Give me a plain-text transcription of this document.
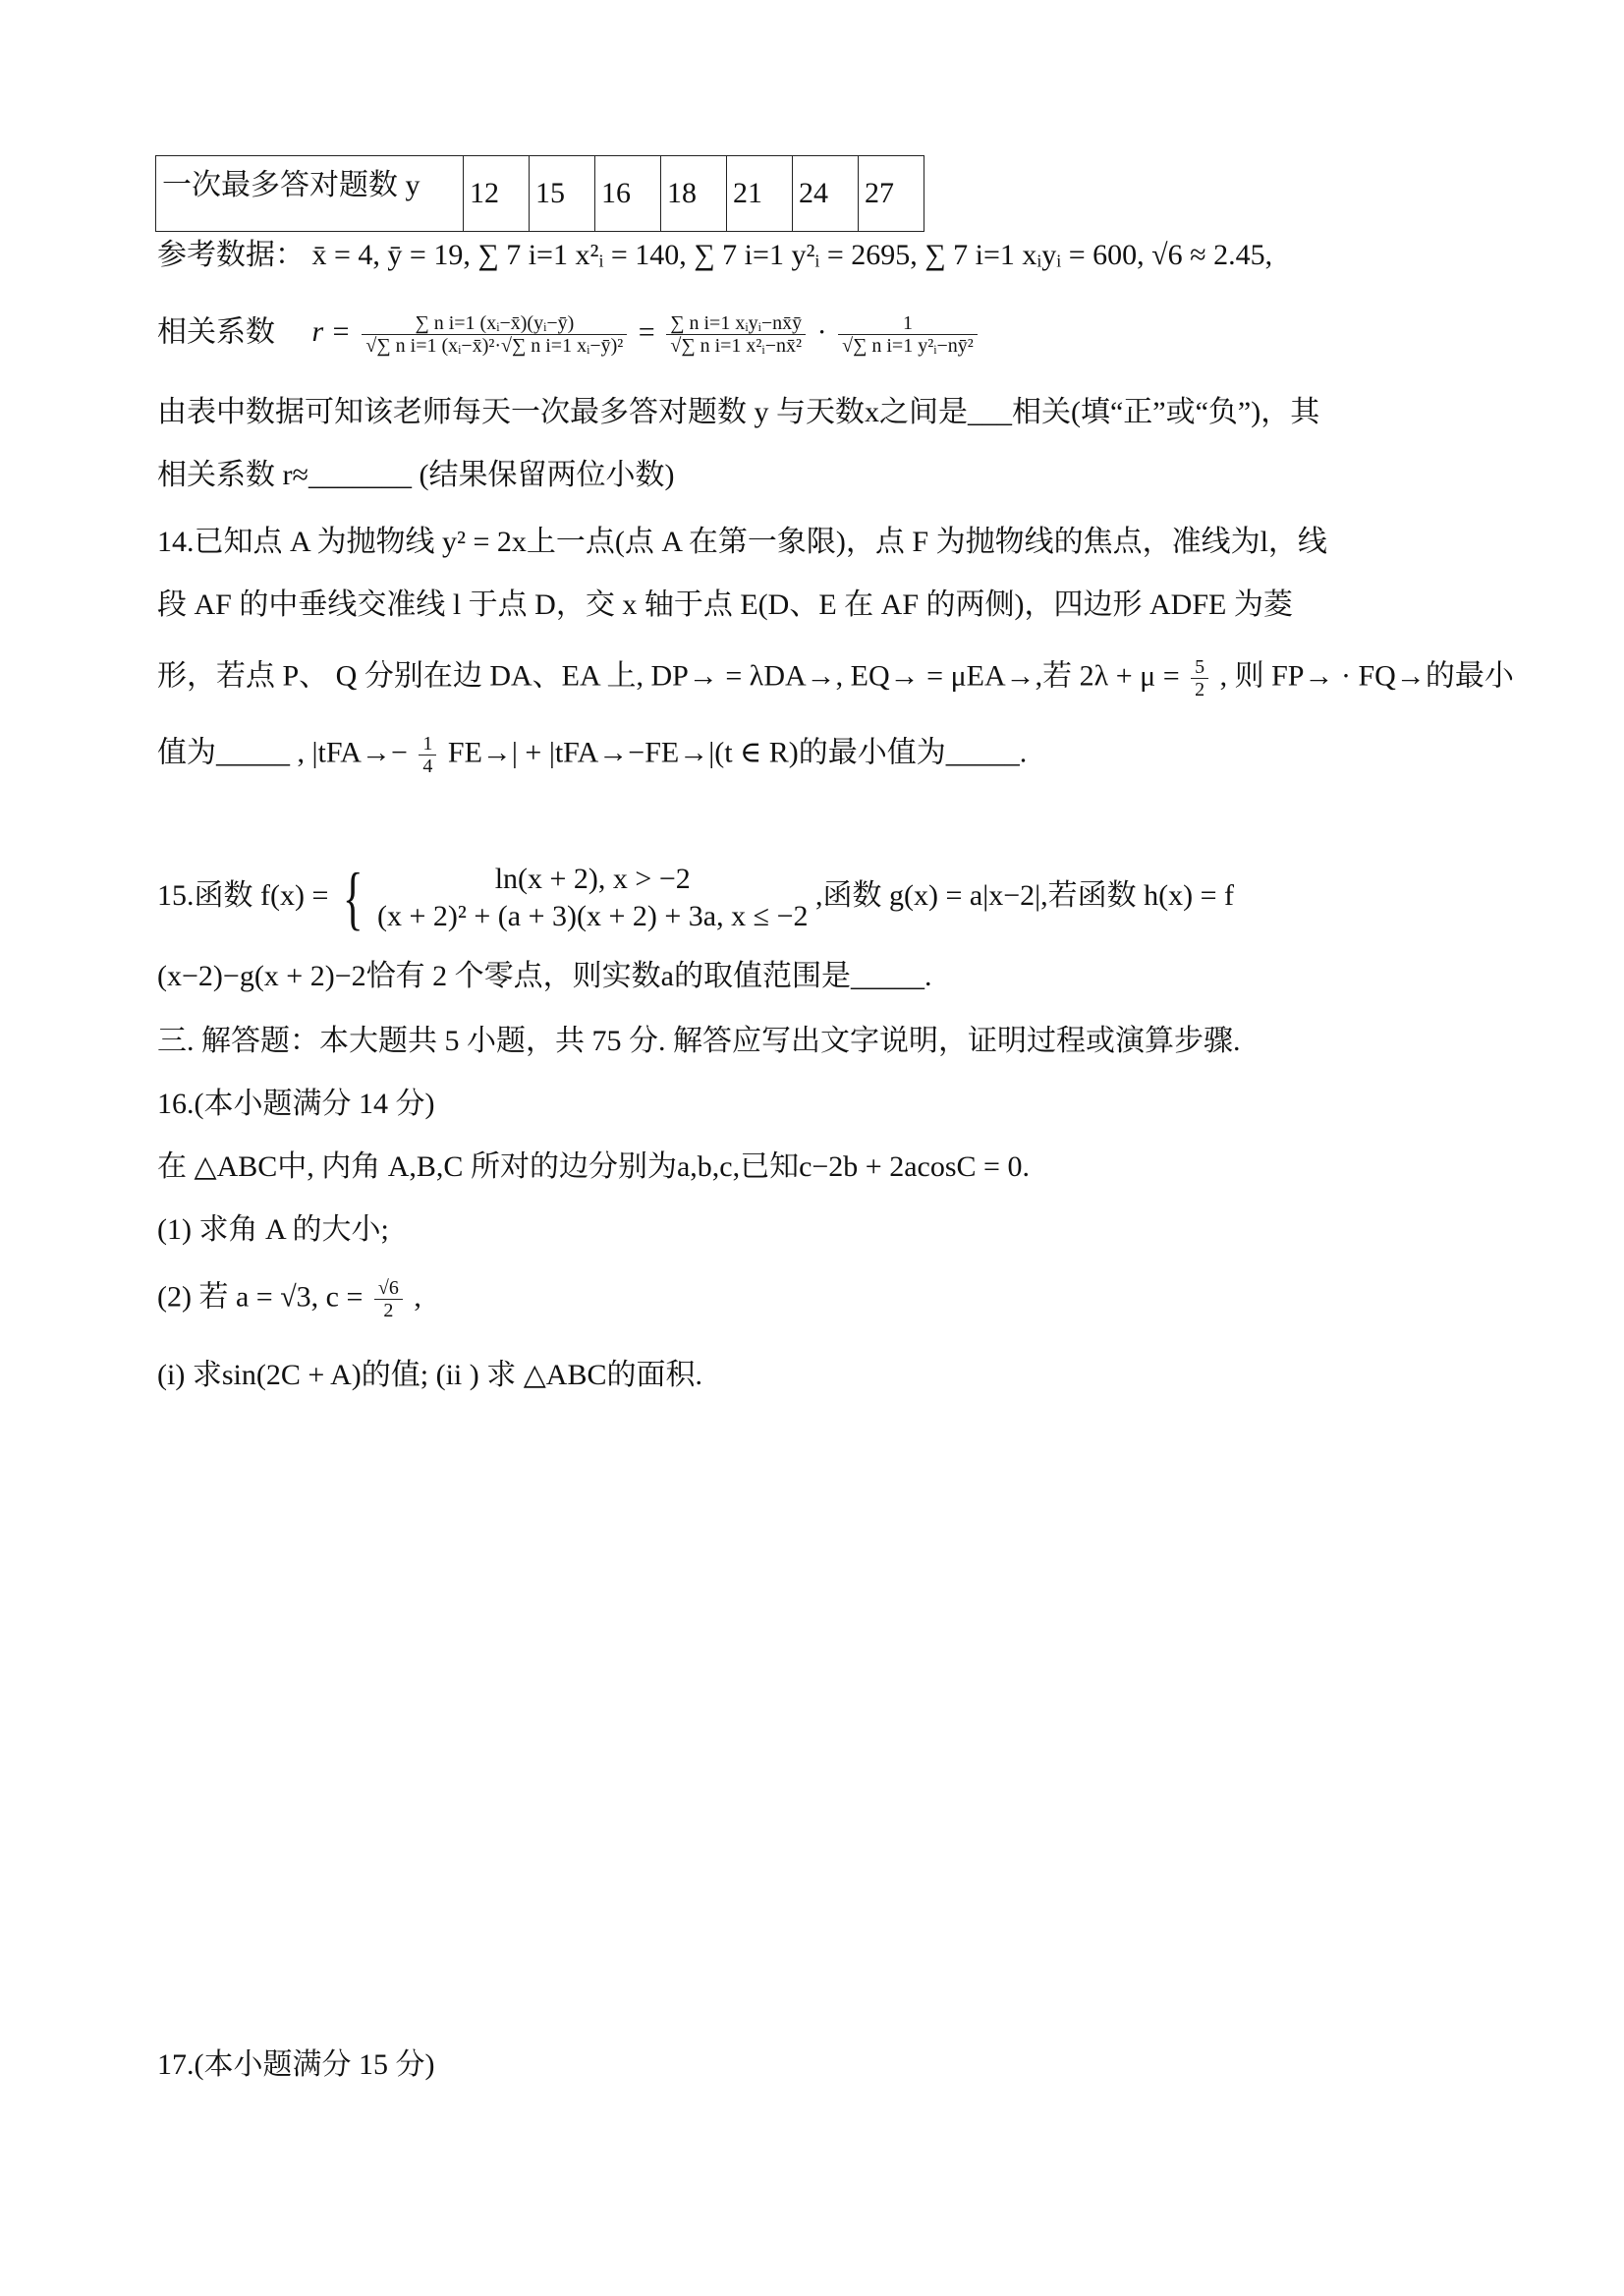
一次最多答对题数 y	12	15	16	18	21	24	27
参考数据： x̄ = 4, ȳ = 19, ∑ 7 i=1 x²ᵢ = 140, ∑ 7 i=1 y²ᵢ = 2695, ∑ 7 i=1 xᵢyᵢ = 600, √6 ≈ 2.45,
相关系数 $r = \frac{\text{∑ n i=1 (xᵢ−x̄)(yᵢ−ȳ)}}{\text{√∑ n i=1 (xᵢ−x̄)²·√∑ n i=1 xᵢ−ȳ)²}} = \frac{\text{∑ n i=1 xᵢyᵢ−nx̄ȳ}}{\text{√∑ n i=1 x²ᵢ−nx̄²}} \cdot \frac{1}{\text{√∑ n i=1 y²ᵢ−nȳ²}}$
由表中数据可知该老师每天一次最多答对题数 y 与天数x之间是___相关(填“正”或“负”)，其
相关系数 r≈_______ (结果保留两位小数)
14.已知点 A 为抛物线 y² = 2x上一点(点 A 在第一象限)，点 F 为抛物线的焦点，准线为l，线
段 AF 的中垂线交准线 l 于点 D，交 x 轴于点 E(D、E 在 AF 的两侧)，四边形 ADFE 为菱
形，若点 P、 Q 分别在边 DA、EA 上, DP→ = λDA→, EQ→ = μEA→,若 $2\lambda + \mu = \frac{5}{2}$ , 则 FP→ · FQ→的最小
值为_____ , $|tFA\to- \frac{1}{4} FE\to| + |tFA\to-FE\to|(t$ ∈ R)的最小值为_____.
15.函数 f(x) = {	ln(x + 2), x > −2
(x + 2)² + (a + 3)(x + 2) + 3a, x ≤ −2
,函数 g(x) = a|x−2|,若函数 h(x) = f
(x−2)−g(x + 2)−2恰有 2 个零点，则实数a的取值范围是_____.
三. 解答题：本大题共 5 小题，共 75 分. 解答应写出文字说明，证明过程或演算步骤.
16.(本小题满分 14 分)
在 △ABC中, 内角 A,B,C 所对的边分别为a,b,c,已知c−2b + 2acosC = 0.
(1) 求角 A 的大小;
(2) 若 a = √3, $c = \frac{√6}{2}$ ,
(i) 求sin(2C + A)的值; (ii ) 求 △ABC的面积.
17.(本小题满分 15 分)
